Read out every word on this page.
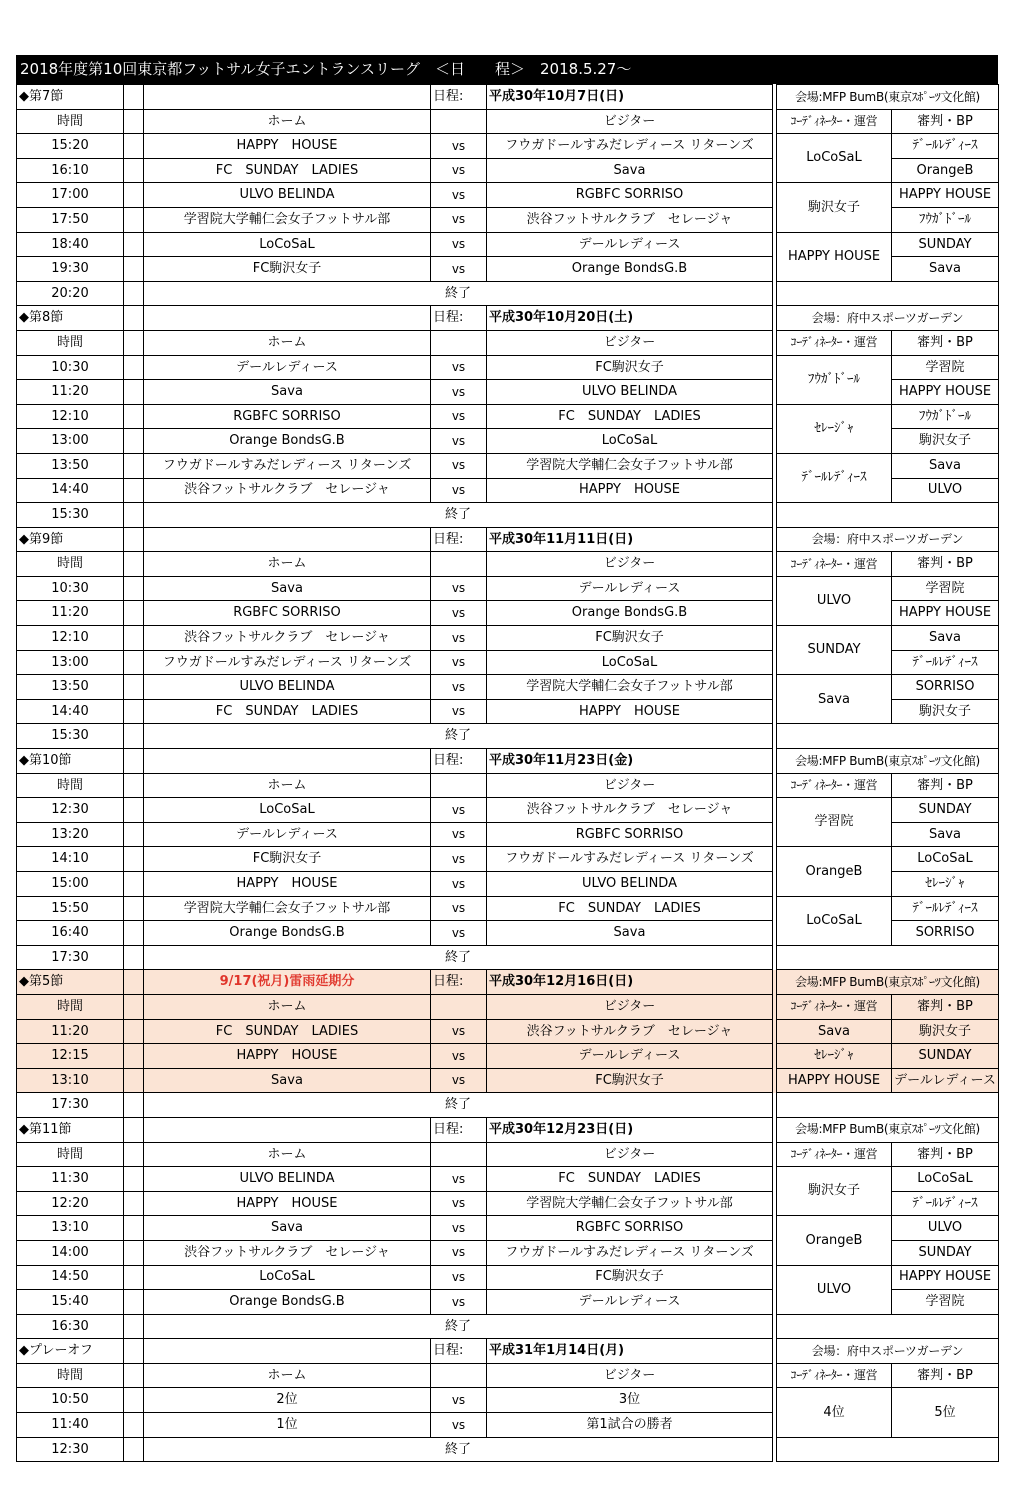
2018年度第10回東京都フットサル女子エントランスリーグ　＜日　　程＞　2018.5.27～
◆第7節			日程:	平成30年10月7日(日)		会場:MFP BumB(東京ｽﾎﾟｰﾂ文化館)	
時間		ホーム		ビジター		ｺｰﾃﾞｨﾈｰﾀｰ・運営	審判・BP
15:20		HAPPY　HOUSE	vs	フウガドールすみだレディース リターンズ		LoCoSaL	ﾃﾞｰﾙﾚﾃﾞｨｰｽ
16:10		FC　SUNDAY　LADIES	vs	Sava			OrangeB
17:00		ULVO BELINDA	vs	RGBFC SORRISO		駒沢女子	HAPPY HOUSE
17:50		学習院大学輔仁会女子フットサル部	vs	渋谷フットサルクラブ　セレージャ			ﾌｳｶﾞﾄﾞｰﾙ
18:40		LoCoSaL	vs	デールレディース		HAPPY HOUSE	SUNDAY
19:30		FC駒沢女子	vs	Orange BondsG.B			Sava
20:20		終了					
◆第8節			日程:	平成30年10月20日(土)		会場：府中スポーツガーデン	
時間		ホーム		ビジター		ｺｰﾃﾞｨﾈｰﾀｰ・運営	審判・BP
10:30		デールレディース	vs	FC駒沢女子		ﾌｳｶﾞﾄﾞｰﾙ	学習院
11:20		Sava	vs	ULVO BELINDA			HAPPY HOUSE
12:10		RGBFC SORRISO	vs	FC　SUNDAY　LADIES		ｾﾚｰｼﾞｬ	ﾌｳｶﾞﾄﾞｰﾙ
13:00		Orange BondsG.B	vs	LoCoSaL			駒沢女子
13:50		フウガドールすみだレディース リターンズ	vs	学習院大学輔仁会女子フットサル部		ﾃﾞｰﾙﾚﾃﾞｨｰｽ	Sava
14:40		渋谷フットサルクラブ　セレージャ	vs	HAPPY　HOUSE			ULVO
15:30		終了					
◆第9節			日程:	平成30年11月11日(日)		会場：府中スポーツガーデン	
時間		ホーム		ビジター		ｺｰﾃﾞｨﾈｰﾀｰ・運営	審判・BP
10:30		Sava	vs	デールレディース		ULVO	学習院
11:20		RGBFC SORRISO	vs	Orange BondsG.B			HAPPY HOUSE
12:10		渋谷フットサルクラブ　セレージャ	vs	FC駒沢女子		SUNDAY	Sava
13:00		フウガドールすみだレディース リターンズ	vs	LoCoSaL			ﾃﾞｰﾙﾚﾃﾞｨｰｽ
13:50		ULVO BELINDA	vs	学習院大学輔仁会女子フットサル部		Sava	SORRISO
14:40		FC　SUNDAY　LADIES	vs	HAPPY　HOUSE			駒沢女子
15:30		終了					
◆第10節			日程:	平成30年11月23日(金)		会場:MFP BumB(東京ｽﾎﾟｰﾂ文化館)	
時間		ホーム		ビジター		ｺｰﾃﾞｨﾈｰﾀｰ・運営	審判・BP
12:30		LoCoSaL	vs	渋谷フットサルクラブ　セレージャ		学習院	SUNDAY
13:20		デールレディース	vs	RGBFC SORRISO			Sava
14:10		FC駒沢女子	vs	フウガドールすみだレディース リターンズ		OrangeB	LoCoSaL
15:00		HAPPY　HOUSE	vs	ULVO BELINDA			ｾﾚｰｼﾞｬ
15:50		学習院大学輔仁会女子フットサル部	vs	FC　SUNDAY　LADIES		LoCoSaL	ﾃﾞｰﾙﾚﾃﾞｨｰｽ
16:40		Orange BondsG.B	vs	Sava			SORRISO
17:30		終了					
◆第5節		9/17(祝月)雷雨延期分	日程:	平成30年12月16日(日)		会場:MFP BumB(東京ｽﾎﾟｰﾂ文化館)	
時間		ホーム		ビジター		ｺｰﾃﾞｨﾈｰﾀｰ・運営	審判・BP
11:20		FC　SUNDAY　LADIES	vs	渋谷フットサルクラブ　セレージャ		Sava	駒沢女子
12:15		HAPPY　HOUSE	vs	デールレディース		ｾﾚｰｼﾞｬ	SUNDAY
13:10		Sava	vs	FC駒沢女子		HAPPY HOUSE	デールレディース
17:30		終了					
◆第11節			日程:	平成30年12月23日(日)		会場:MFP BumB(東京ｽﾎﾟｰﾂ文化館)	
時間		ホーム		ビジター		ｺｰﾃﾞｨﾈｰﾀｰ・運営	審判・BP
11:30		ULVO BELINDA	vs	FC　SUNDAY　LADIES		駒沢女子	LoCoSaL
12:20		HAPPY　HOUSE	vs	学習院大学輔仁会女子フットサル部			ﾃﾞｰﾙﾚﾃﾞｨｰｽ
13:10		Sava	vs	RGBFC SORRISO		OrangeB	ULVO
14:00		渋谷フットサルクラブ　セレージャ	vs	フウガドールすみだレディース リターンズ			SUNDAY
14:50		LoCoSaL	vs	FC駒沢女子		ULVO	HAPPY HOUSE
15:40		Orange BondsG.B	vs	デールレディース			学習院
16:30		終了					
◆プレーオフ			日程:	平成31年1月14日(月)		会場：府中スポーツガーデン	
時間		ホーム		ビジター		ｺｰﾃﾞｨﾈｰﾀｰ・運営	審判・BP
10:50		2位	vs	3位		4位	5位
11:40		1位	vs	第1試合の勝者			
12:30		終了					
